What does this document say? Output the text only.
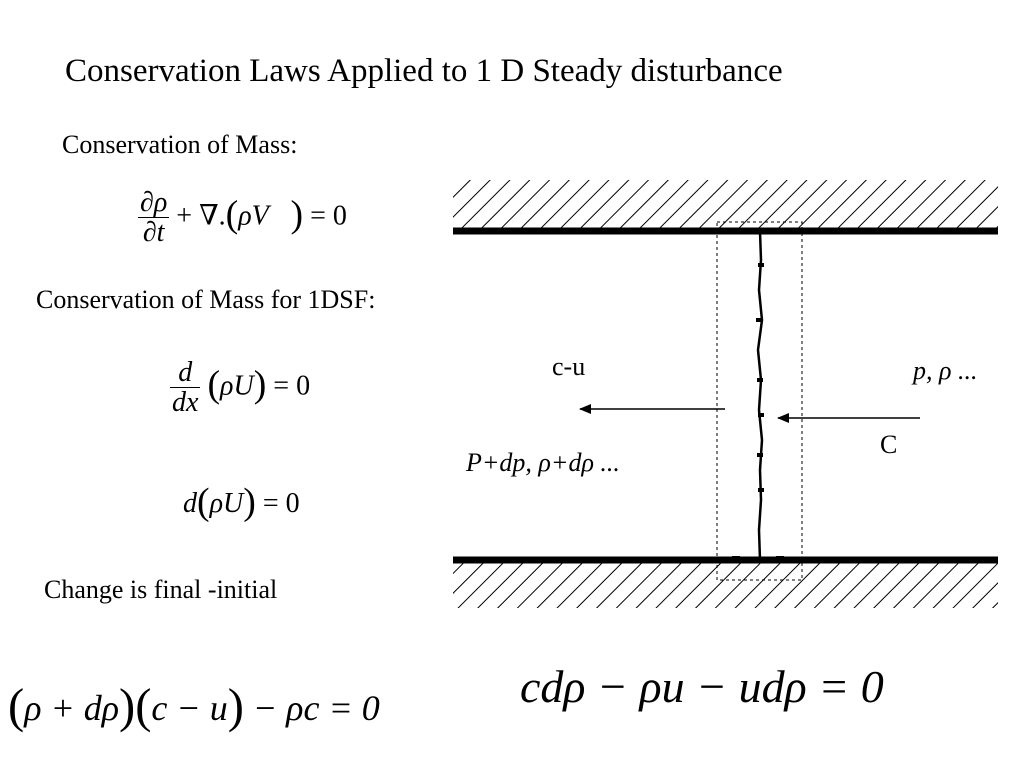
Conservation Laws Applied to 1 D Steady disturbance
Conservation of Mass:
$\frac{\partial\rho}{\partial t}$ + ∇.(ρV⃗) = 0
Conservation of Mass for 1DSF:
$\frac{d}{dx} (\rho U) = 0$
d(ρU) = 0
Change is final -initial
(ρ + dρ)(c − u) − ρc = 0	cdρ − ρu − udρ = 0
c-u	p, ρ ...
P+dp, ρ+dρ ...
C
